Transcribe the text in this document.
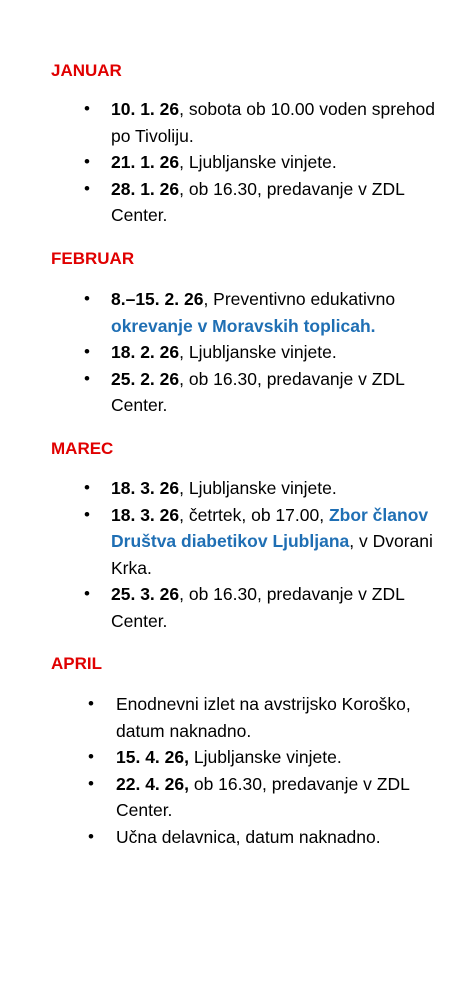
JANUAR
• 10. 1. 26, sobota ob 10.00 voden sprehod po Tivoliju.
• 21. 1. 26, Ljubljanske vinjete.
• 28. 1. 26, ob 16.30, predavanje v ZDL Center.
FEBRUAR
• 8.–15. 2. 26, Preventivno edukativno okrevanje v Moravskih toplicah.
• 18. 2. 26, Ljubljanske vinjete.
• 25. 2. 26, ob 16.30, predavanje v ZDL Center.
MAREC
• 18. 3. 26, Ljubljanske vinjete.
• 18. 3. 26, četrtek, ob 17.00, Zbor članov Društva diabetikov Ljubljana, v Dvorani Krka.
• 25. 3. 26, ob 16.30, predavanje v ZDL Center.
APRIL
• Enodnevni izlet na avstrijsko Koroško, datum naknadno.
• 15. 4. 26, Ljubljanske vinjete.
• 22. 4. 26, ob 16.30, predavanje v ZDL Center.
• Učna delavnica, datum naknadno.
